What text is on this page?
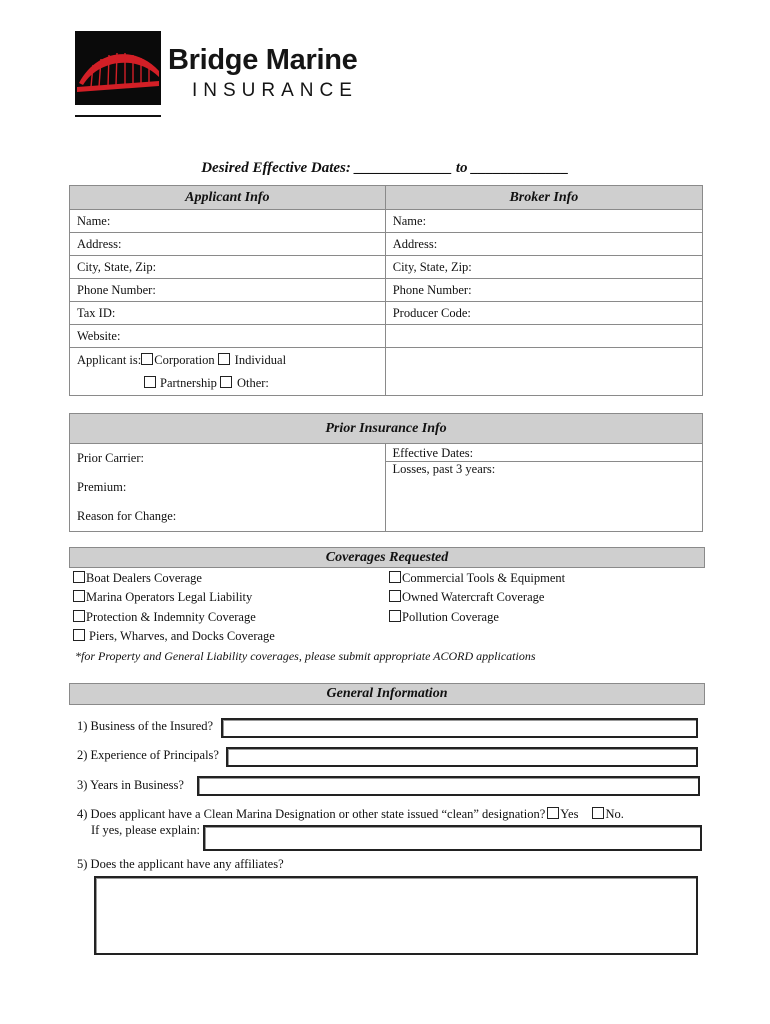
Bridge Marine
INSURANCE
Desired Effective Dates: _____________ to _____________
Applicant Info	Broker Info
Name:	Name:
Address:	Address:
City, State, Zip:	City, State, Zip:
Phone Number:	Phone Number:
Tax ID:	Producer Code:
Website:	

Applicant is: Corporation Individual
Partnership Other:	

Prior Insurance Info

Prior Carrier:
Premium:
Reason for Change:

Effective Dates:
Losses, past 3 years:
Coverages Requested
Boat Dealers Coverage
Marina Operators Legal Liability
Protection & Indemnity Coverage
Piers, Wharves, and Docks Coverage
Commercial Tools & Equipment
Owned Watercraft Coverage
Pollution Coverage
*for Property and General Liability coverages, please submit appropriate ACORD applications
General Information
1) Business of the Insured?
2) Experience of Principals?
3) Years in Business?
4) Does applicant have a Clean Marina Designation or other state issued “clean” designation? Yes No.
If yes, please explain:
5) Does the applicant have any affiliates?
